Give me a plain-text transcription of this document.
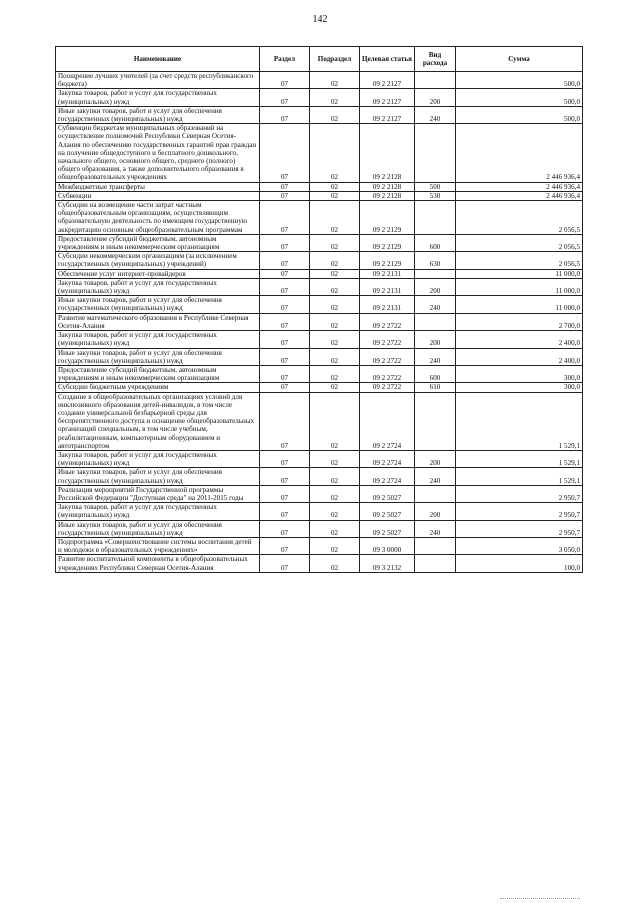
142
Наименование	Раздел	Подраздел	Целевая статья	Вид расхода	Сумма
Поощрение лучших учителей (за счет средств республиканского бюджета)	07	02	09 2 2127		500,0
Закупка товаров, работ и услуг для государственных (муниципальных) нужд	07	02	09 2 2127	200	500,0
Иные закупки товаров, работ и услуг для обеспечения государственных (муниципальных) нужд	07	02	09 2 2127	240	500,0
Субвенции бюджетам муниципальных образований на осуществление полномочий Республики Северная Осетия-Алания по обеспечению государственных гарантий прав граждан на получение общедоступного и бесплатного дошкольного, начального общего, основного общего, среднего (полного) общего образования, а также дополнительного образования в общеобразовательных учреждениях	07	02	09 2 2128		2 446 936,4
Межбюджетные трансферты	07	02	09 2 2128	500	2 446 936,4
Субвенции	07	02	09 2 2128	530	2 446 936,4
Субсидии на возмещение части затрат частным общеобразовательным организациям, осуществляющим образовательную деятельность по имеющим государственную аккредитацию основным общеобразовательным программам	07	02	09 2 2129		2 056,5
Предоставление субсидий бюджетным, автономным учреждениям и иным некоммерческим организациям	07	02	09 2 2129	600	2 056,5
Субсидии некоммерческим организациям (за исключением государственных (муниципальных) учреждений)	07	02	09 2 2129	630	2 056,5
Обеспечение услуг интернет-провайдеров	07	02	09 2 2131		11 000,0
Закупка товаров, работ и услуг для государственных (муниципальных) нужд	07	02	09 2 2131	200	11 000,0
Иные закупки товаров, работ и услуг для обеспечения государственных (муниципальных) нужд	07	02	09 2 2131	240	11 000,0
Развитие математического образования в Республике Северная Осетия-Алания	07	02	09 2 2722		2 700,0
Закупка товаров, работ и услуг для государственных (муниципальных) нужд	07	02	09 2 2722	200	2 400,0
Иные закупки товаров, работ и услуг для обеспечения государственных (муниципальных) нужд	07	02	09 2 2722	240	2 400,0
Предоставление субсидий бюджетным, автономным учреждениям и иным некоммерческим организациям	07	02	09 2 2722	600	300,0
Субсидии бюджетным учреждениям	07	02	09 2 2722	610	300,0
Создание в общеобразовательных организациях условий для инклюзивного образования детей-инвалидов, в том числе создание универсальной безбарьерной среды для беспрепятственного доступа и оснащение общеобразовательных организаций специальным, в том числе учебным, реабилитационным, компьютерным оборудованием и автотранспортом	07	02	09 2 2724		1 529,1
Закупка товаров, работ и услуг для государственных (муниципальных) нужд	07	02	09 2 2724	200	1 529,1
Иные закупки товаров, работ и услуг для обеспечения государственных (муниципальных) нужд	07	02	09 2 2724	240	1 529,1
Реализация мероприятий Государственной программы Российской Федерации "Доступная среда" на 2011-2015 годы	07	02	09 2 5027		2 950,7
Закупка товаров, работ и услуг для государственных (муниципальных) нужд	07	02	09 2 5027	200	2 950,7
Иные закупки товаров, работ и услуг для обеспечения государственных (муниципальных) нужд	07	02	09 2 5027	240	2 950,7
Подпрограмма «Совершенствование системы воспитания детей и молодежи в образовательных учреждениях»	07	02	09 3 0000		3 050,0
Развитие воспитательной компоненты в общеобразовательных учреждениях Республики Северная Осетия-Алания	07	02	09 3 2132		100,0
